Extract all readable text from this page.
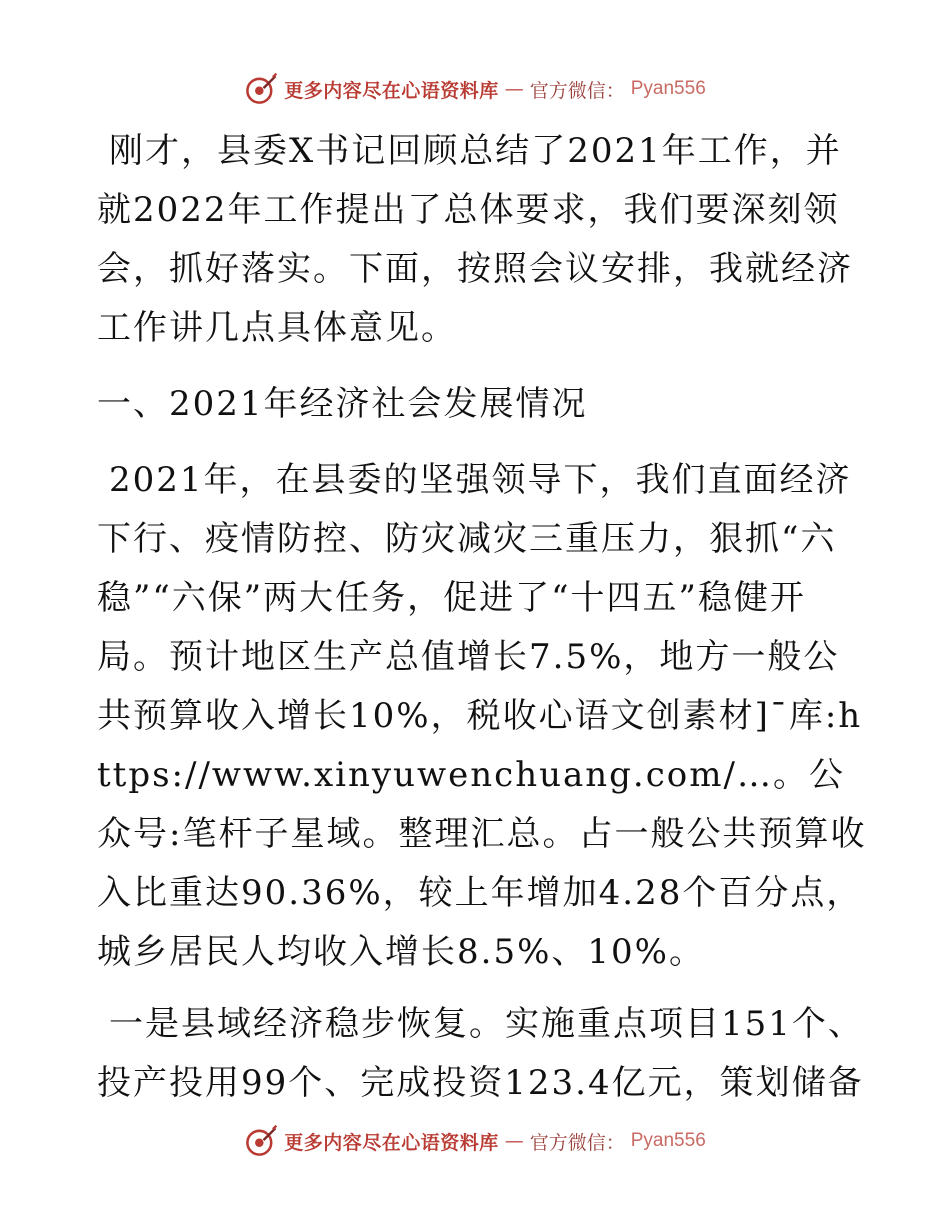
更多内容尽在心语资料库 — 官方微信： Pyan556

刚才，县委X书记回顾总结了2021年工作，并就2022年工作提出了总体要求，我们要深刻领会，抓好落实。下面，按照会议安排，我就经济工作讲几点具体意见。

一、2021年经济社会发展情况

2021年，在县委的坚强领导下，我们直面经济下行、疫情防控、防灾减灾三重压力，狠抓“六稳”“六保”两大任务，促进了“十四五”稳健开局。预计地区生产总值增长7.5%，地方一般公共预算收入增长10%，税收心语文创素材]¯库:https://www.xinyuwenchuang.com/…。公众号:笔杆子星域。整理汇总。占一般公共预算收入比重达90.36%，较上年增加4.28个百分点，城乡居民人均收入增长8.5%、10%。

一是县域经济稳步恢复。实施重点项目151个、投产投用99个、完成投资123.4亿元，策划储备

更多内容尽在心语资料库 — 官方微信： Pyan556
